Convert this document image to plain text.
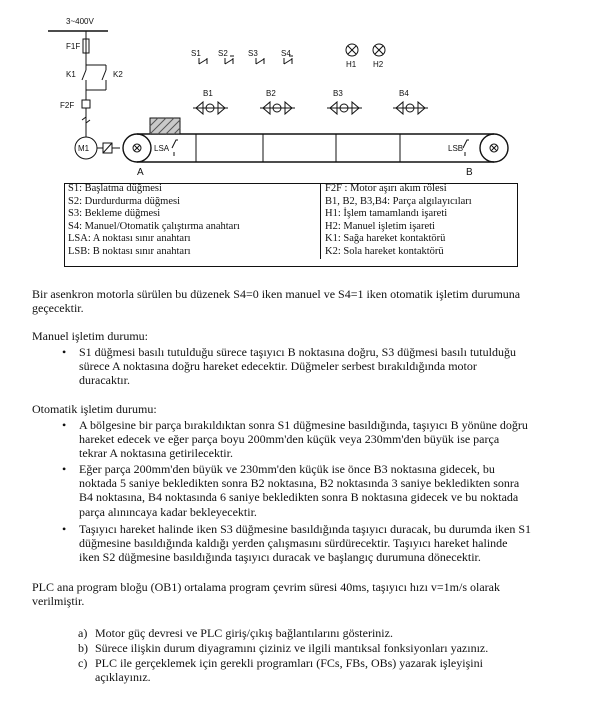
3~400V
F1F
K1	K2
F2F
M1	LSA	LSB
A	B
S1 S2	S3	S4
H1 H2
B1	B2	B3	B4
S1: Başlatma düğmesi	F2F : Motor aşırı akım rölesi
S2: Durdurdurma düğmesi	B1, B2, B3,B4: Parça algılayıcıları
S3: Bekleme düğmesi	H1: İşlem tamamlandı işareti
S4: Manuel/Otomatik çalıştırma anahtarı	H2: Manuel işletim işareti
LSA: A noktası sınır anahtarı	K1: Sağa hareket kontaktörü
LSB: B noktası sınır anahtarı	K2: Sola hareket kontaktörü
Bir asenkron motorla sürülen bu düzenek S4=0 iken manuel ve S4=1 iken otomatik işletim durumuna
geçecektir.
Manuel işletim durumu:
• S1 düğmesi basılı tutulduğu sürece taşıyıcı B noktasına doğru, S3 düğmesi basılı tutulduğu
sürece A noktasına doğru hareket edecektir. Düğmeler serbest bırakıldığında motor
duracaktır.
Otomatik işletim durumu:
• A bölgesine bir parça bırakıldıktan sonra S1 düğmesine basıldığında, taşıyıcı B yönüne doğru
hareket edecek ve eğer parça boyu 200mm'den küçük veya 230mm'den büyük ise parça
tekrar A noktasına getirilecektir.
• Eğer parça 200mm'den büyük ve 230mm'den küçük ise önce B3 noktasına gidecek, bu
noktada 5 saniye bekledikten sonra B2 noktasına, B2 noktasında 3 saniye bekledikten sonra
B4 noktasına, B4 noktasında 6 saniye bekledikten sonra B noktasına gidecek ve bu noktada
parça alınıncaya kadar bekleyecektir.
• Taşıyıcı hareket halinde iken S3 düğmesine basıldığında taşıyıcı duracak, bu durumda iken S1
düğmesine basıldığında kaldığı yerden çalışmasını sürdürecektir. Taşıyıcı hareket halinde
iken S2 düğmesine basıldığında taşıyıcı duracak ve başlangıç durumuna dönecektir.
PLC ana program bloğu (OB1) ortalama program çevrim süresi 40ms, taşıyıcı hızı v=1m/s olarak
verilmiştir.
a) Motor güç devresi ve PLC giriş/çıkış bağlantılarını gösteriniz.
b) Sürece ilişkin durum diyagramını çiziniz ve ilgili mantıksal fonksiyonları yazınız.
c) PLC ile gerçeklemek için gerekli programları (FCs, FBs, OBs) yazarak işleyişini
açıklayınız.
